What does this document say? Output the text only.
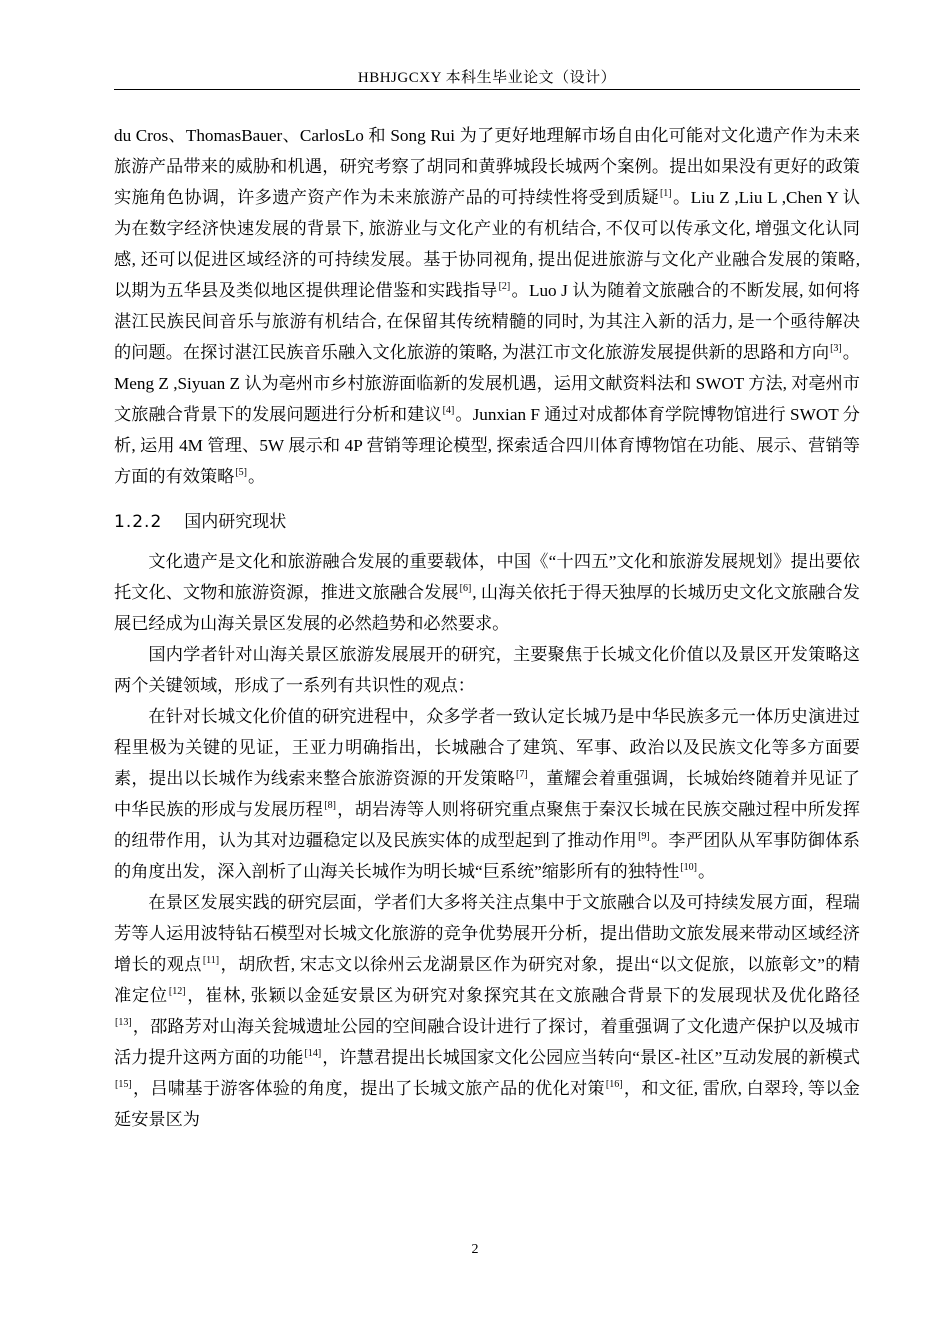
HBHJGCXY 本科生毕业论文（设计）

du Cros、ThomasBauer、CarlosLo 和 Song Rui 为了更好地理解市场自由化可能对文化遗产作为未来旅游产品带来的威胁和机遇，研究考察了胡同和黄骅城段长城两个案例。提出如果没有更好的政策实施角色协调，许多遗产资产作为未来旅游产品的可持续性将受到质疑[1]。Liu Z ,Liu L ,Chen Y 认为在数字经济快速发展的背景下, 旅游业与文化产业的有机结合, 不仅可以传承文化, 增强文化认同感, 还可以促进区域经济的可持续发展。基于协同视角, 提出促进旅游与文化产业融合发展的策略, 以期为五华县及类似地区提供理论借鉴和实践指导[2]。Luo J 认为随着文旅融合的不断发展, 如何将湛江民族民间音乐与旅游有机结合, 在保留其传统精髓的同时, 为其注入新的活力, 是一个亟待解决的问题。在探讨湛江民族音乐融入文化旅游的策略, 为湛江市文化旅游发展提供新的思路和方向[3]。Meng Z ,Siyuan Z 认为亳州市乡村旅游面临新的发展机遇，运用文献资料法和 SWOT 方法, 对亳州市文旅融合背景下的发展问题进行分析和建议[4]。Junxian F 通过对成都体育学院博物馆进行 SWOT 分析, 运用 4M 管理、5W 展示和 4P 营销等理论模型, 探索适合四川体育博物馆在功能、展示、营销等方面的有效策略[5]。

1.2.2 国内研究现状

文化遗产是文化和旅游融合发展的重要载体，中国《“十四五”文化和旅游发展规划》提出要依托文化、文物和旅游资源，推进文旅融合发展[6], 山海关依托于得天独厚的长城历史文化文旅融合发展已经成为山海关景区发展的必然趋势和必然要求。

国内学者针对山海关景区旅游发展展开的研究，主要聚焦于长城文化价值以及景区开发策略这两个关键领域，形成了一系列有共识性的观点：

在针对长城文化价值的研究进程中，众多学者一致认定长城乃是中华民族多元一体历史演进过程里极为关键的见证，王亚力明确指出，长城融合了建筑、军事、政治以及民族文化等多方面要素，提出以长城作为线索来整合旅游资源的开发策略[7]，董耀会着重强调，长城始终随着并见证了中华民族的形成与发展历程[8]，胡岩涛等人则将研究重点聚焦于秦汉长城在民族交融过程中所发挥的纽带作用，认为其对边疆稳定以及民族实体的成型起到了推动作用[9]。李严团队从军事防御体系的角度出发，深入剖析了山海关长城作为明长城“巨系统”缩影所有的独特性[10]。

在景区发展实践的研究层面，学者们大多将关注点集中于文旅融合以及可持续发展方面，程瑞芳等人运用波特钻石模型对长城文化旅游的竞争优势展开分析，提出借助文旅发展来带动区域经济增长的观点[11]，胡欣哲, 宋志文以徐州云龙湖景区作为研究对象，提出“以文促旅，以旅彰文”的精准定位[12]，崔林, 张颖以金延安景区为研究对象探究其在文旅融合背景下的发展现状及优化路径[13]，邵路芳对山海关瓮城遗址公园的空间融合设计进行了探讨，着重强调了文化遗产保护以及城市活力提升这两方面的功能[14]，许慧君提出长城国家文化公园应当转向“景区-社区”互动发展的新模式[15]，吕啸基于游客体验的角度，提出了长城文旅产品的优化对策[16]，和文征, 雷欣, 白翠玲, 等以金延安景区为

2
